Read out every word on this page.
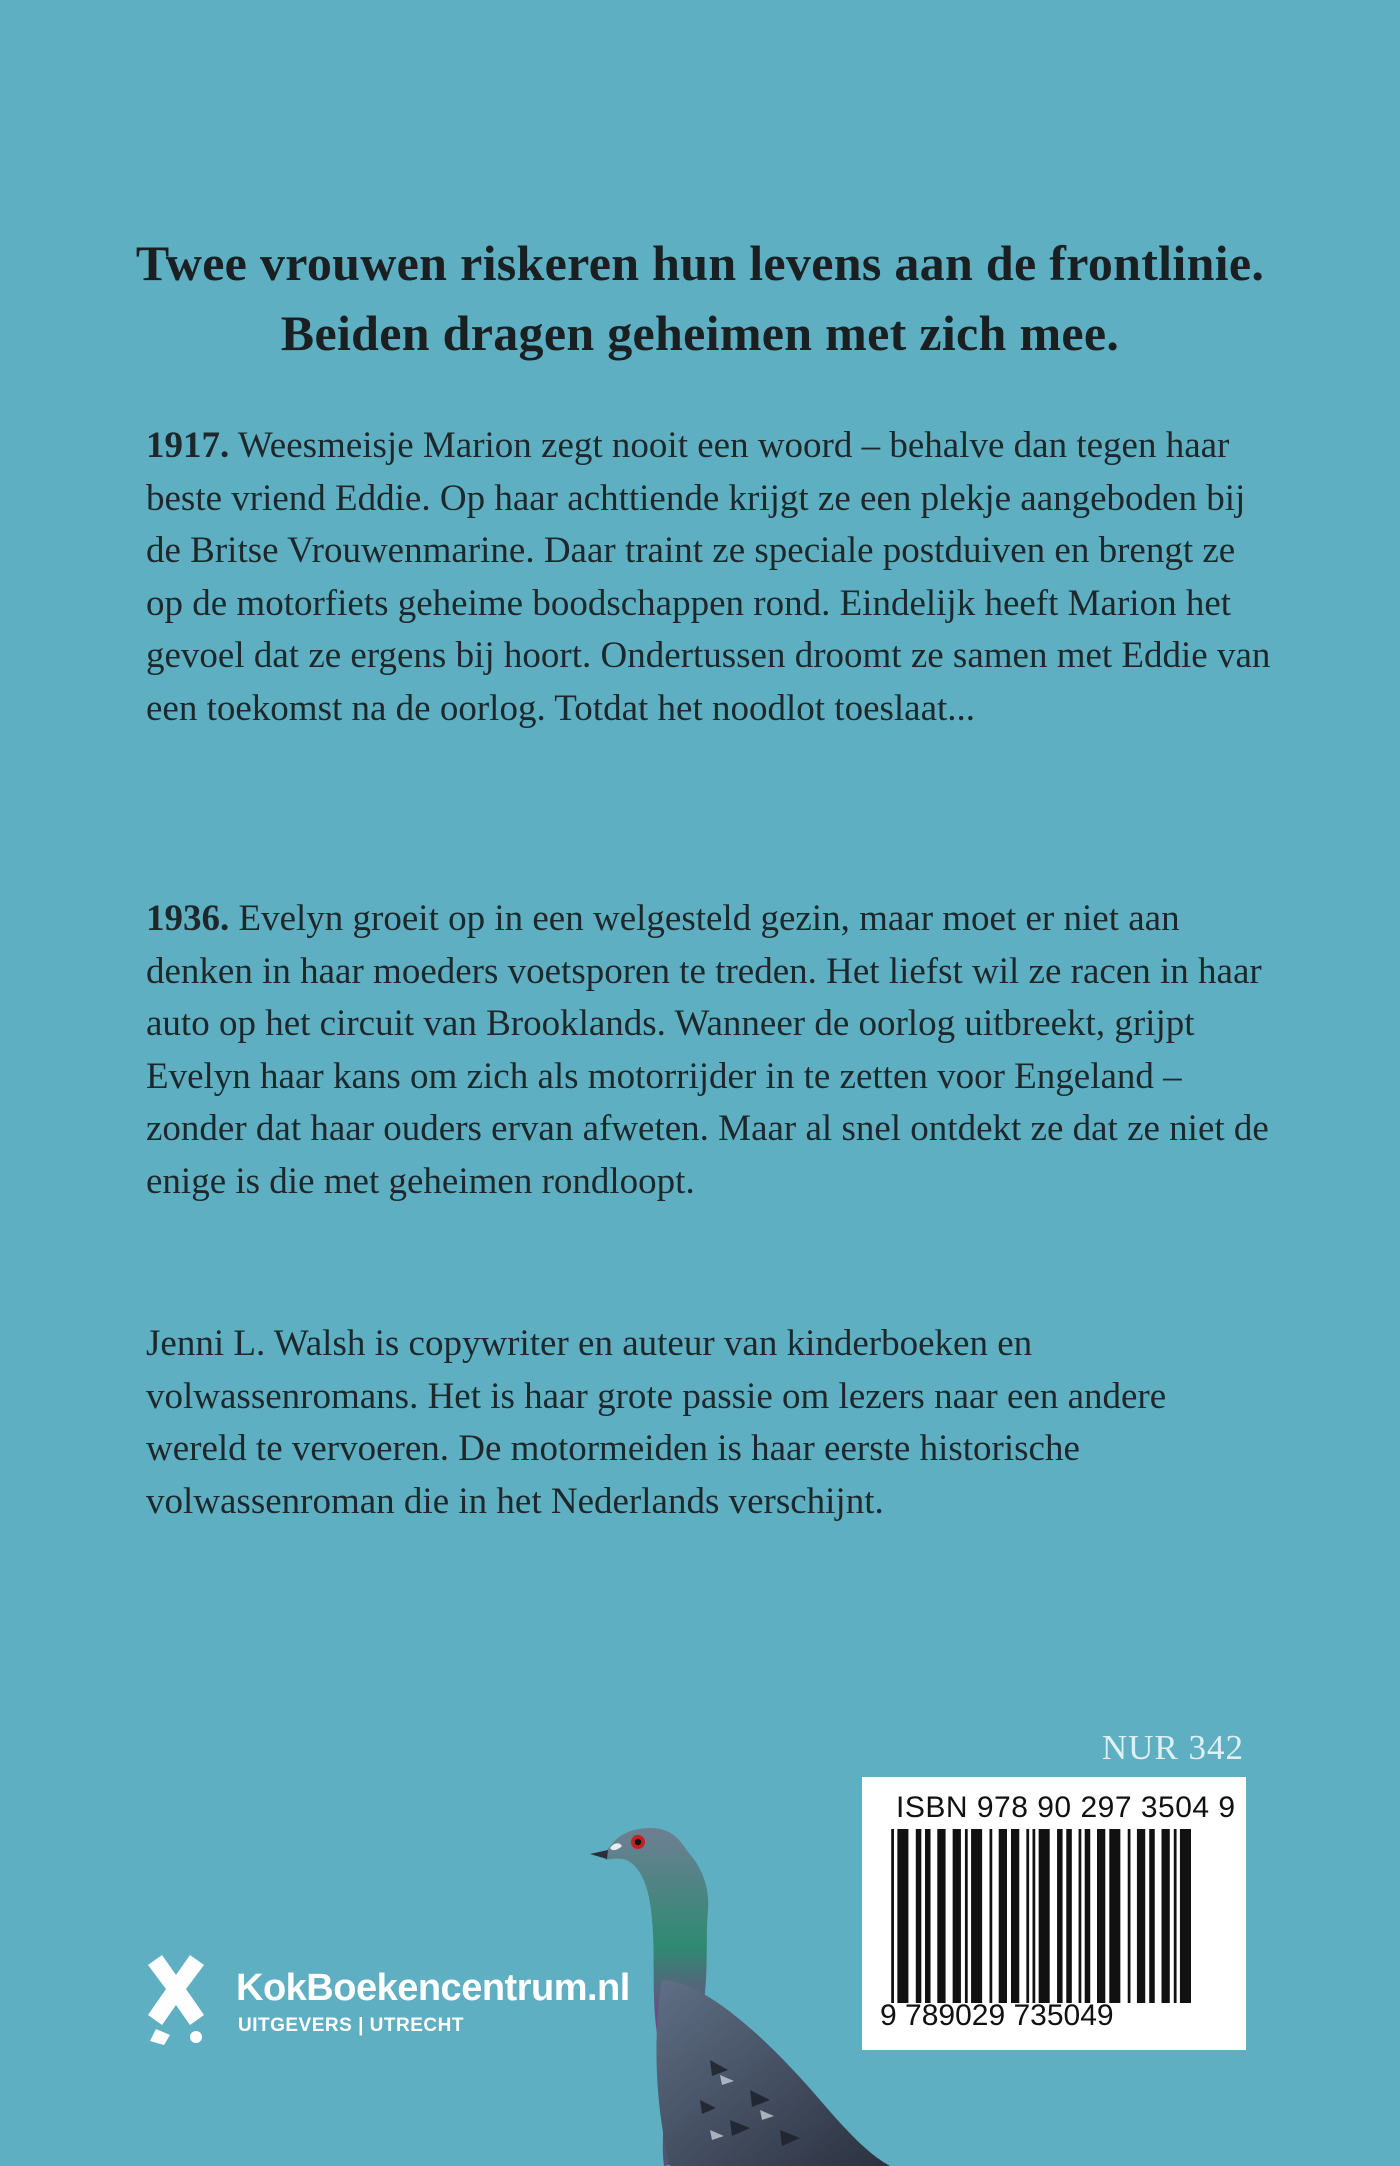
Twee vrouwen riskeren hun levens aan de frontlinie.
Beiden dragen geheimen met zich mee.
1917. Weesmeisje Marion zegt nooit een woord – behalve dan tegen haar beste vriend Eddie. Op haar achttiende krijgt ze een plekje aangeboden bij de Britse Vrouwenmarine. Daar traint ze speciale postduiven en brengt ze op de motorfiets geheime boodschappen rond. Eindelijk heeft Marion het gevoel dat ze ergens bij hoort. Ondertussen droomt ze samen met Eddie van een toekomst na de oorlog. Totdat het noodlot toeslaat...
1936. Evelyn groeit op in een welgesteld gezin, maar moet er niet aan denken in haar moeders voetsporen te treden. Het liefst wil ze racen in haar auto op het circuit van Brooklands. Wanneer de oorlog uitbreekt, grijpt Evelyn haar kans om zich als motorrijder in te zetten voor Engeland – zonder dat haar ouders ervan afweten. Maar al snel ontdekt ze dat ze niet de enige is die met geheimen rondloopt.
Jenni L. Walsh is copywriter en auteur van kinderboeken en volwassenromans. Het is haar grote passie om lezers naar een andere wereld te vervoeren. De motormeiden is haar eerste historische volwassenroman die in het Nederlands verschijnt.
NUR 342
ISBN 978 90 297 3504 9
9 789029 735049
KokBoekencentrum.nl
UITGEVERS | UTRECHT
